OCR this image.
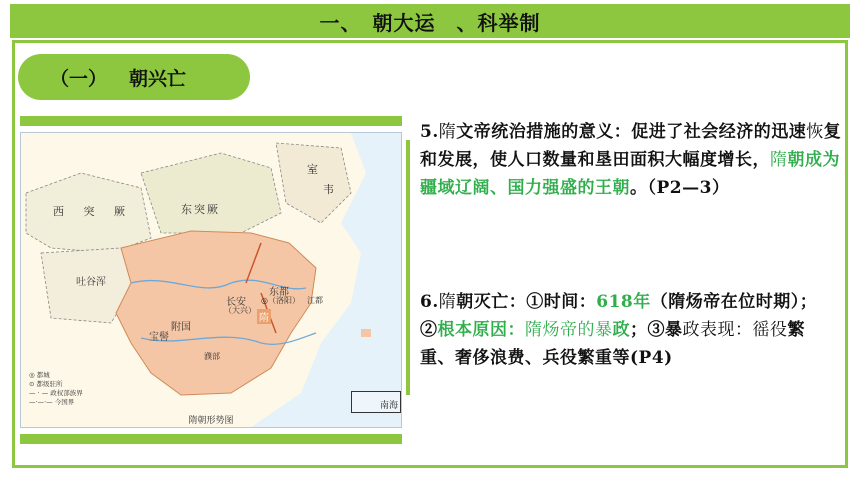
一、　朝大运　、科举制
（一） 朝兴亡
西 突 厥	东突厥
室
韦
吐谷浑
附国
宝髻
濮部
隋
长安
（大兴）
东都
◎（洛阳） 江都
◎ 都城
⊙ 都级驻所
— · — 政权部族界
—·—·— 今国界	南海
隋朝形势图
5.隋文帝统治措施的意义：促进了社会经济的迅速恢复和发展，使人口数量和垦田面积大幅度增长，隋朝成为疆域辽阔、国力强盛的王朝。（P2—3）
6.隋朝灭亡：①时间：618年（隋炀帝在位时期）；②根本原因：隋炀帝的暴政；③暴政表现：徭役繁重、奢侈浪费、兵役繁重等(P4)
